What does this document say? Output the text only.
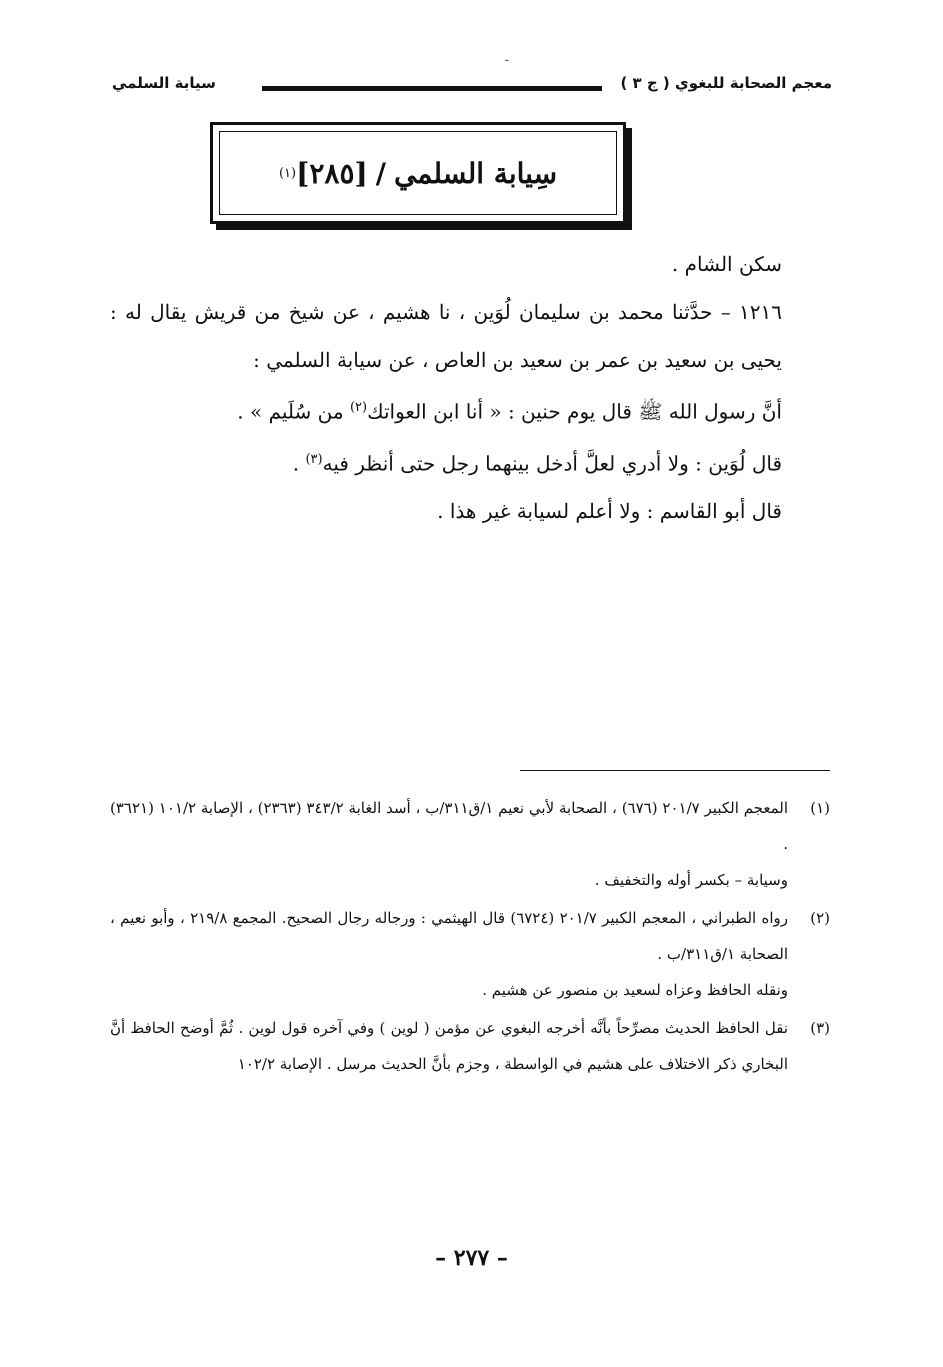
ـ
معجم الصحابة للبغوي ( ج ٣ )
سيابة السلمي
سِيابة السلمي
/
[٢٨٥]
(١)

سكن الشام .

١٢١٦ – حدَّثنا محمد بن سليمان لُوَين ، نا هشيم ، عن شيخ من قريش يقال له : يحيى بن سعيد بن عمر بن سعيد بن العاص ، عن سيابة السلمي :

أنَّ رسول الله ﷺ قال يوم حنين : « أنا ابن العواتك$^{(٢)}$ من سُلَيم » .

قال لُوَين : ولا أدري لعلَّ أدخل بينهما رجل حتى أنظر فيه$^{(٣)}$ .

قال أبو القاسم : ولا أعلم لسيابة غير هذا .

(١)

المعجم الكبير ٢٠١/٧ (٦٧٦) ، الصحابة لأبي نعيم ١/ق٣١١/ب ، أسد الغابة ٣٤٣/٢ (٢٣٦٣) ، الإصابة ١٠١/٢ (٣٦٢١) .

وسيابة – بكسر أوله والتخفيف .

(٢)

رواه الطبراني ، المعجم الكبير ٢٠١/٧ (٦٧٢٤) قال الهيثمي : ورجاله رجال الصحيح. المجمع ٢١٩/٨ ، وأبو نعيم ، الصحابة ١/ق٣١١/ب .

ونقله الحافظ وعزاه لسعيد بن منصور عن هشيم .

(٣)

نقل الحافظ الحديث مصرِّحاً بأنَّه أخرجه البغوي عن مؤمن ( لوين ) وفي آخره قول لوين . ثُمَّ أوضح الحافظ أنَّ البخاري ذكر الاختلاف على هشيم في الواسطة ، وجزم بأنَّ الحديث مرسل . الإصابة ١٠٢/٢

– ٢٧٧ –
